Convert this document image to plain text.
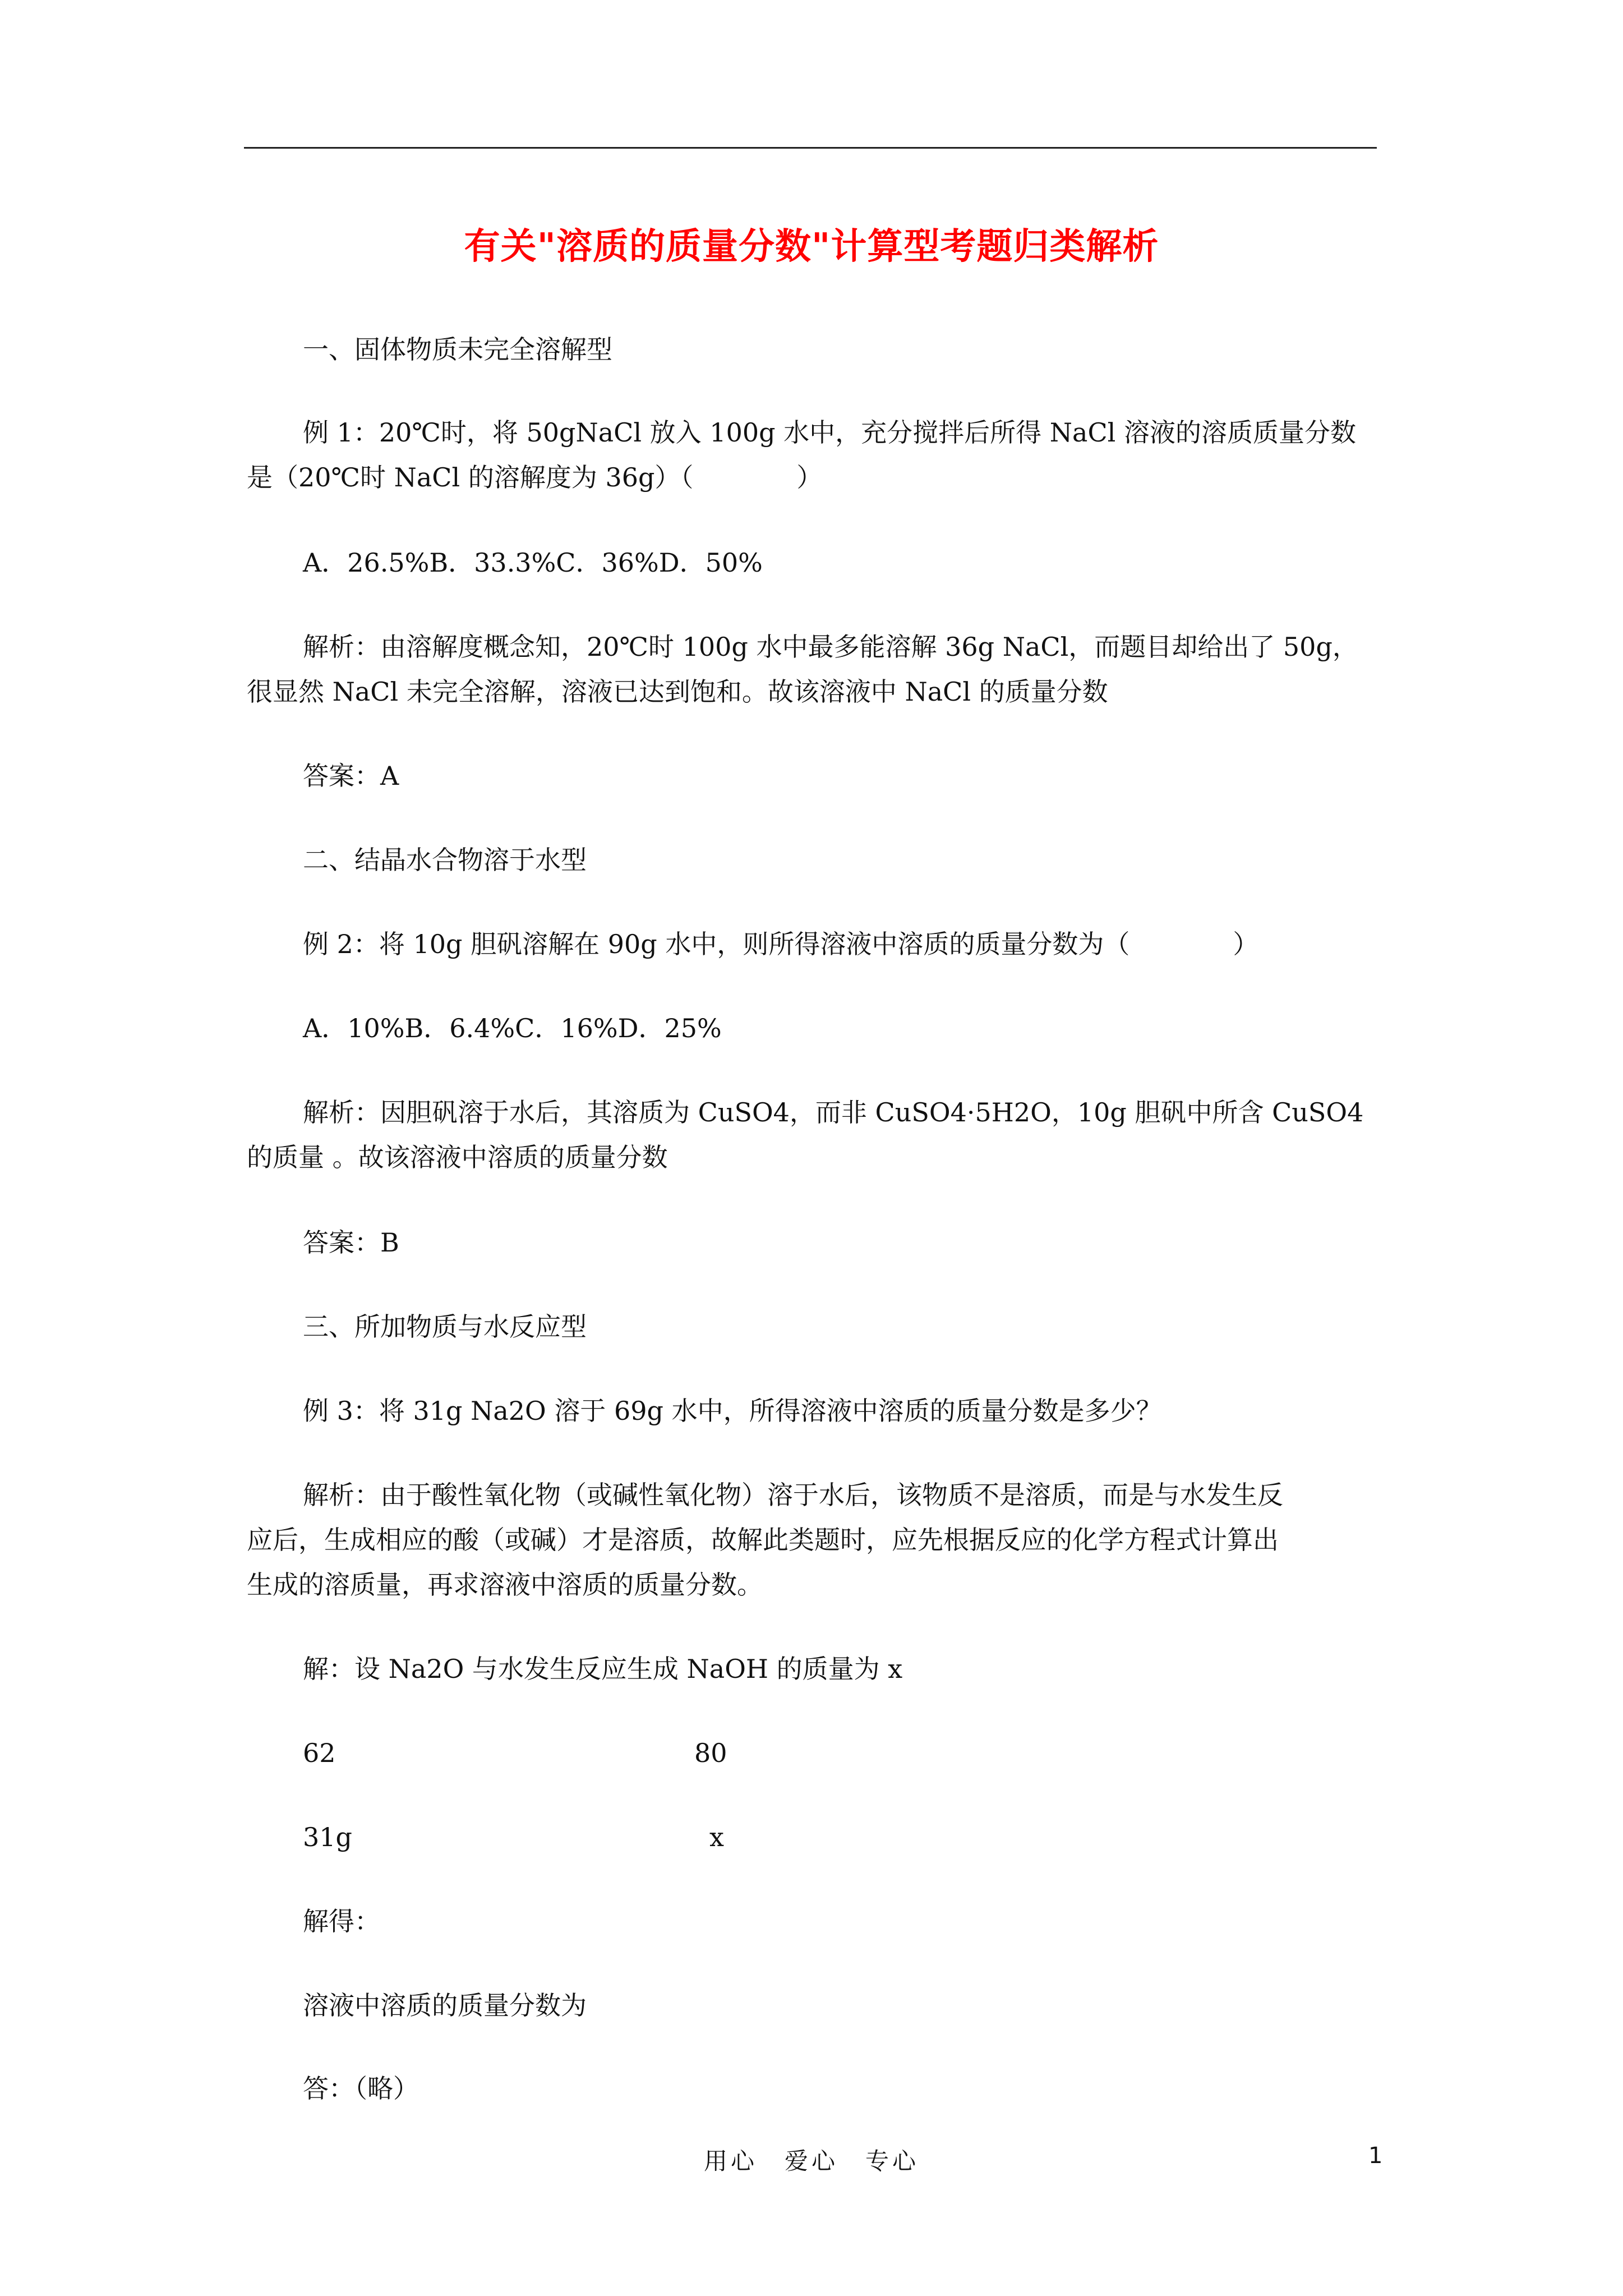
有关"溶质的质量分数"计算型考题归类解析
一、固体物质未完全溶解型
例 1：20℃时，将 50gNaCl 放入 100g 水中，充分搅拌后所得 NaCl 溶液的溶质质量分数
是（20℃时 NaCl 的溶解度为 36g）（　　　　）
A．26.5%B．33.3%C．36%D．50%
解析：由溶解度概念知，20℃时 100g 水中最多能溶解 36g NaCl，而题目却给出了 50g，
很显然 NaCl 未完全溶解，溶液已达到饱和。故该溶液中 NaCl 的质量分数
答案：A
二、结晶水合物溶于水型
例 2：将 10g 胆矾溶解在 90g 水中，则所得溶液中溶质的质量分数为（　　　　）
A．10%B．6.4%C．16%D．25%
解析：因胆矾溶于水后，其溶质为 CuSO4，而非 CuSO4·5H2O，10g 胆矾中所含 CuSO4
的质量 。故该溶液中溶质的质量分数
答案：B
三、所加物质与水反应型
例 3：将 31g Na2O 溶于 69g 水中，所得溶液中溶质的质量分数是多少？
解析：由于酸性氧化物（或碱性氧化物）溶于水后，该物质不是溶质，而是与水发生反
应后，生成相应的酸（或碱）才是溶质，故解此类题时，应先根据反应的化学方程式计算出
生成的溶质量，再求溶液中溶质的质量分数。
解：设 Na2O 与水发生反应生成 NaOH 的质量为 x
62	80
31g	x
解得：
溶液中溶质的质量分数为
答：（略）
用心　爱心　专心	1
